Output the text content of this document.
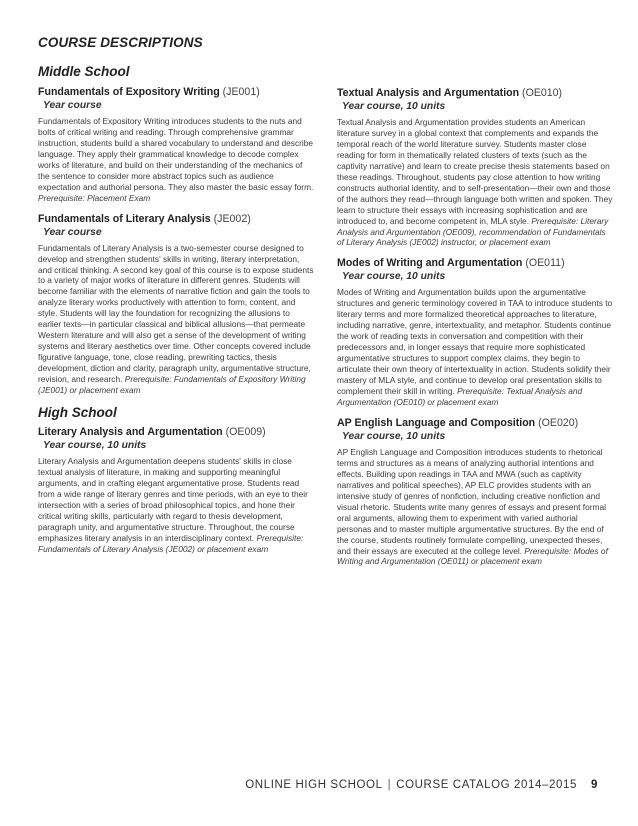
COURSE DESCRIPTIONS
Middle School
Fundamentals of Expository Writing (JE001)
Year course
Fundamentals of Expository Writing introduces students to the nuts and bolts of critical writing and reading. Through comprehensive grammar instruction, students build a shared vocabulary to understand and describe language. They apply their grammatical knowledge to decode complex works of literature, and build on their understanding of the mechanics of the sentence to consider more abstract topics such as audience expectation and authorial persona. They also master the basic essay form. Prerequisite: Placement Exam
Fundamentals of Literary Analysis (JE002)
Year course
Fundamentals of Literary Analysis is a two-semester course designed to develop and strengthen students' skills in writing, literary interpretation, and critical thinking. A second key goal of this course is to expose students to a variety of major works of literature in different genres. Students will become familiar with the elements of narrative fiction and gain the tools to analyze literary works productively with attention to form, content, and style. Students will lay the foundation for recognizing the allusions to earlier texts—in particular classical and biblical allusions—that permeate Western literature and will also get a sense of the development of writing systems and literary aesthetics over time. Other concepts covered include figurative language, tone, close reading, prewriting tactics, thesis development, diction and clarity, paragraph unity, argumentative structure, revision, and research. Prerequisite: Fundamentals of Expository Writing (JE001) or placement exam
High School
Literary Analysis and Argumentation (OE009)
Year course, 10 units
Literary Analysis and Argumentation deepens students' skills in close textual analysis of literature, in making and supporting meaningful arguments, and in crafting elegant argumentative prose. Students read from a wide range of literary genres and time periods, with an eye to their intersection with a series of broad philosophical topics, and hone their critical writing skills, particularly with regard to thesis development, paragraph unity, and argumentative structure. Throughout, the course emphasizes literary analysis in an interdisciplinary context. Prerequisite: Fundamentals of Literary Analysis (JE002) or placement exam
Textual Analysis and Argumentation (OE010)
Year course, 10 units
Textual Analysis and Argumentation provides students an American literature survey in a global context that complements and expands the temporal reach of the world literature survey. Students master close reading for form in thematically related clusters of texts (such as the captivity narrative) and learn to create precise thesis statements based on these readings. Throughout, students pay close attention to how writing constructs authorial identity, and to self-presentation—their own and those of the authors they read—through language both written and spoken. They learn to structure their essays with increasing sophistication and are introduced to, and become competent in, MLA style. Prerequisite: Literary Analysis and Argumentation (OE009), recommendation of Fundamentals of Literary Analysis (JE002) instructor, or placement exam
Modes of Writing and Argumentation (OE011)
Year course, 10 units
Modes of Writing and Argumentation builds upon the argumentative structures and generic terminology covered in TAA to introduce students to literary terms and more formalized theoretical approaches to literature, including narrative, genre, intertextuality, and metaphor. Students continue the work of reading texts in conversation and competition with their predecessors and, in longer essays that require more sophisticated argumentative structures to support complex claims, they begin to articulate their own theory of intertextuality in action. Students solidify their mastery of MLA style, and continue to develop oral presentation skills to complement their skill in writing. Prerequisite: Textual Analysis and Argumentation (OE010) or placement exam
AP English Language and Composition (OE020)
Year course, 10 units
AP English Language and Composition introduces students to rhetorical terms and structures as a means of analyzing authorial intentions and effects. Building upon readings in TAA and MWA (such as captivity narratives and political speeches), AP ELC provides students with an intensive study of genres of nonfiction, including creative nonfiction and visual rhetoric. Students write many genres of essays and present formal oral arguments, allowing them to experiment with varied authorial personas and to master multiple argumentative structures. By the end of the course, students routinely formulate compelling, unexpected theses, and their essays are executed at the college level. Prerequisite: Modes of Writing and Argumentation (OE011) or placement exam
ONLINE HIGH SCHOOL | COURSE CATALOG 2014–2015 9
